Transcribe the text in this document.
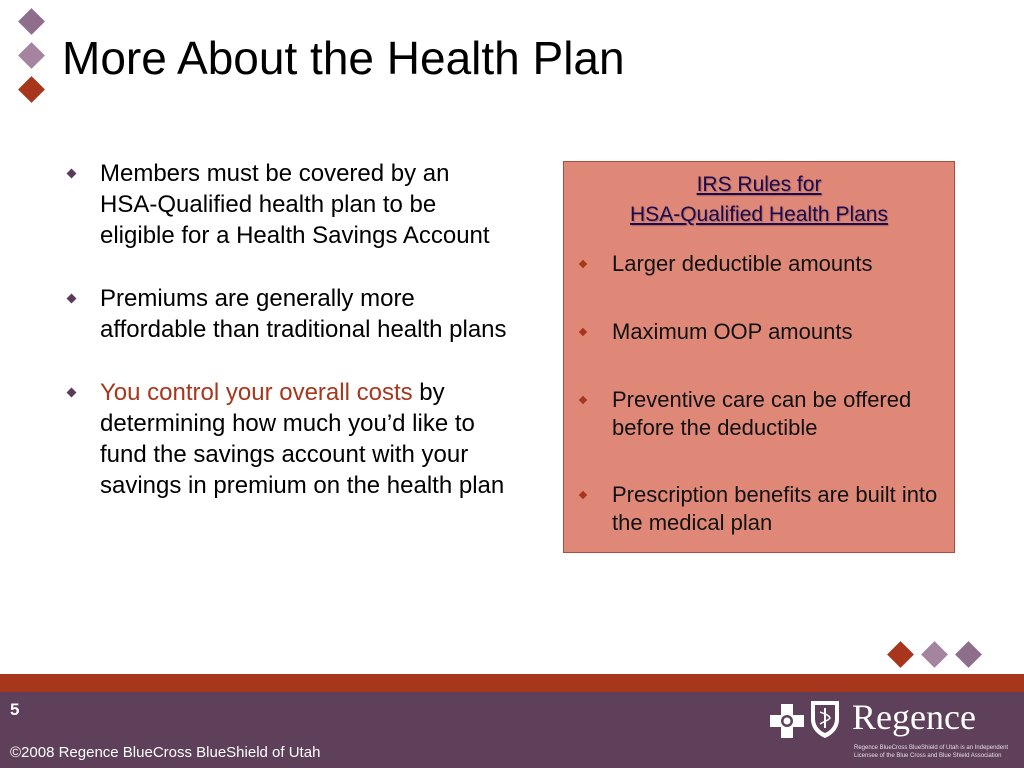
More About the Health Plan
Members must be covered by an HSA-Qualified health plan to be eligible for a Health Savings Account
Premiums are generally more affordable than traditional health plans
You control your overall costs by determining how much you’d like to fund the savings account with your savings in premium on the health plan
IRS Rules for
HSA-Qualified Health Plans
Larger deductible amounts
Maximum OOP amounts
Preventive care can be offered before the deductible
Prescription benefits are built into the medical plan
5
©2008 Regence BlueCross BlueShield of Utah
Regence
Regence BlueCross BlueShield of Utah is an Independent Licensee of the Blue Cross and Blue Shield Association
